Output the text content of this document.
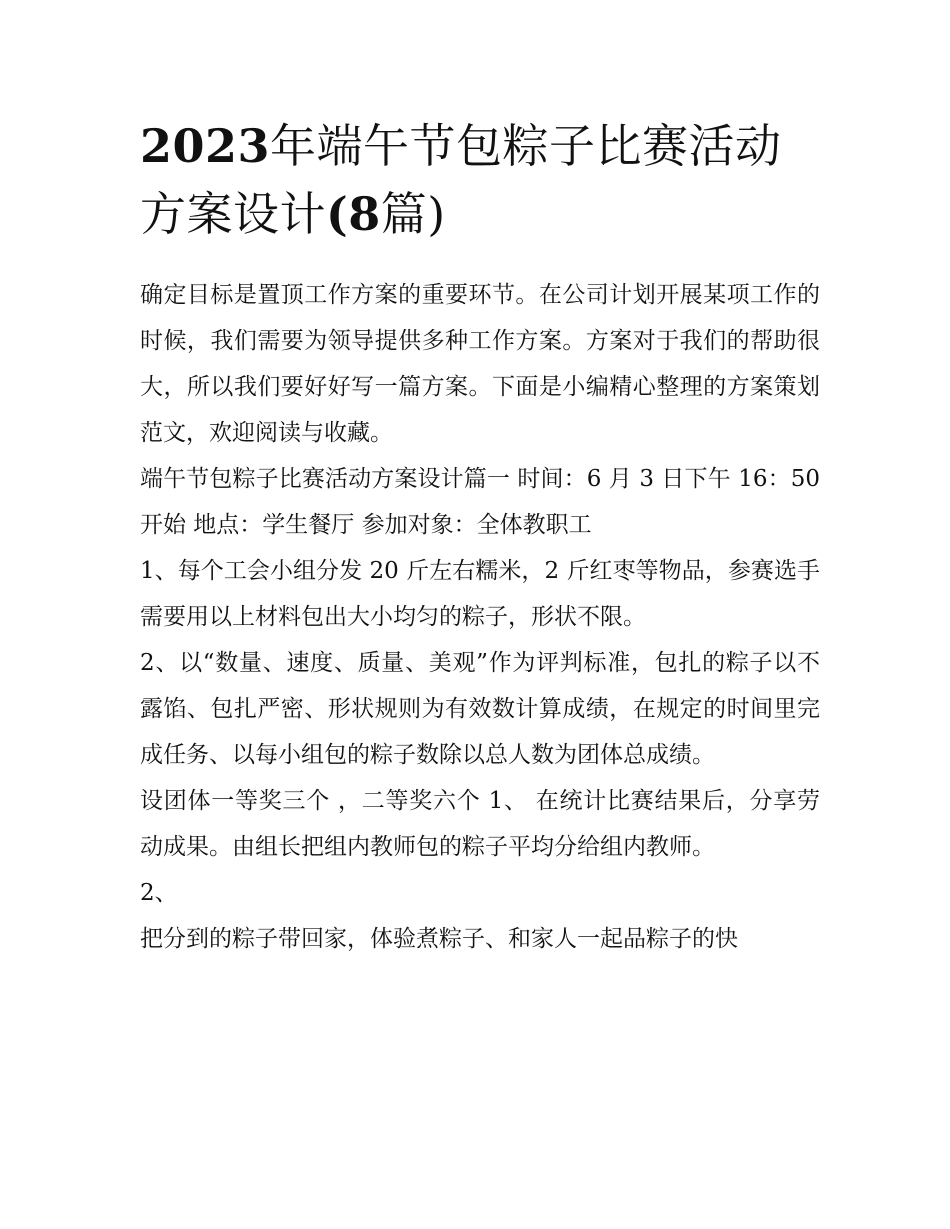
2023年端午节包粽子比赛活动方案设计(8篇)

确定目标是置顶工作方案的重要环节。在公司计划开展某项工作的时候，我们需要为领导提供多种工作方案。方案对于我们的帮助很大，所以我们要好好写一篇方案。下面是小编精心整理的方案策划范文，欢迎阅读与收藏。

端午节包粽子比赛活动方案设计篇一 时间：6 月 3 日下午 16：50 开始 地点：学生餐厅 参加对象：全体教职工

1、每个工会小组分发 20 斤左右糯米，2 斤红枣等物品，参赛选手需要用以上材料包出大小均匀的粽子，形状不限。

2、以“数量、速度、质量、美观”作为评判标准，包扎的粽子以不露馅、包扎严密、形状规则为有效数计算成绩，在规定的时间里完成任务、以每小组包的粽子数除以总人数为团体总成绩。

设团体一等奖三个 ，二等奖六个 1、 在统计比赛结果后，分享劳动成果。由组长把组内教师包的粽子平均分给组内教师。

2、

把分到的粽子带回家，体验煮粽子、和家人一起品粽子的快
